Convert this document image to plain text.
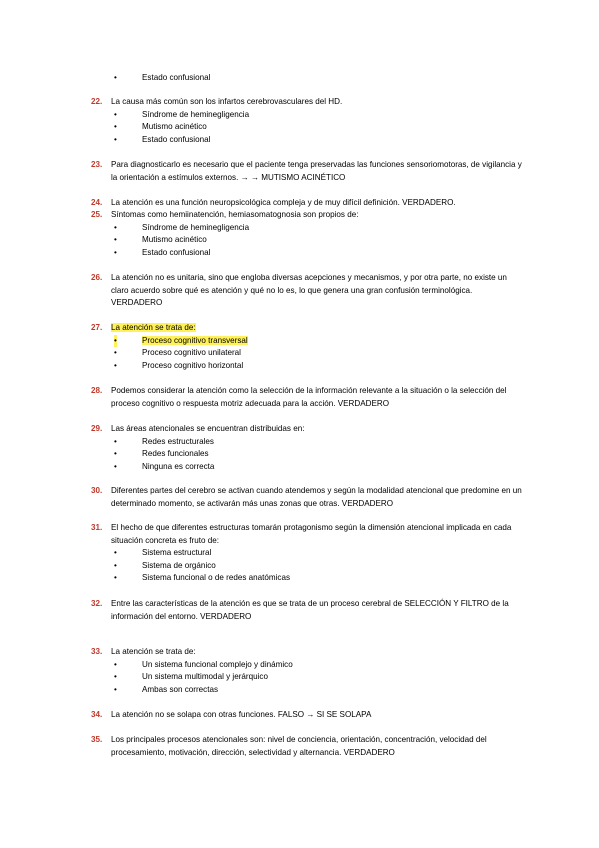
•	Estado confusional
22. La causa más común son los infartos cerebrovasculares del HD.
•	Síndrome de heminegligencia
•	Mutismo acinético
•	Estado confusional
23. Para diagnosticarlo es necesario que el paciente tenga preservadas las funciones sensoriomotoras, de vigilancia y la orientación a estímulos externos. → → MUTISMO ACINÉTICO
24. La atención es una función neuropsicológica compleja y de muy difícil definición. VERDADERO.
25. Síntomas como hemiinatención, hemiasomatognosia son propios de:
•	Síndrome de heminegligencia
•	Mutismo acinético
•	Estado confusional
26. La atención no es unitaria, sino que engloba diversas acepciones y mecanismos, y por otra parte, no existe un claro acuerdo sobre qué es atención y qué no lo es, lo que genera una gran confusión terminológica. VERDADERO
27. La atención se trata de:
•	Proceso cognitivo transversal
•	Proceso cognitivo unilateral
•	Proceso cognitivo horizontal
28. Podemos considerar la atención como la selección de la información relevante a la situación o la selección del proceso cognitivo o respuesta motriz adecuada para la acción. VERDADERO
29. Las áreas atencionales se encuentran distribuidas en:
•	Redes estructurales
•	Redes funcionales
•	Ninguna es correcta
30. Diferentes partes del cerebro se activan cuando atendemos y según la modalidad atencional que predomine en un determinado momento, se activarán más unas zonas que otras. VERDADERO
31. El hecho de que diferentes estructuras tomarán protagonismo según la dimensión atencional implicada en cada situación concreta es fruto de:
•	Sistema estructural
•	Sistema de orgánico
•	Sistema funcional o de redes anatómicas
32. Entre las características de la atención es que se trata de un proceso cerebral de SELECCIÓN Y FILTRO de la información del entorno. VERDADERO
33. La atención se trata de:
•	Un sistema funcional complejo y dinámico
•	Un sistema multimodal y jerárquico
•	Ambas son correctas
34. La atención no se solapa con otras funciones. FALSO → SI SE SOLAPA
35. Los principales procesos atencionales son: nivel de conciencia, orientación, concentración, velocidad del procesamiento, motivación, dirección, selectividad y alternancia. VERDADERO
